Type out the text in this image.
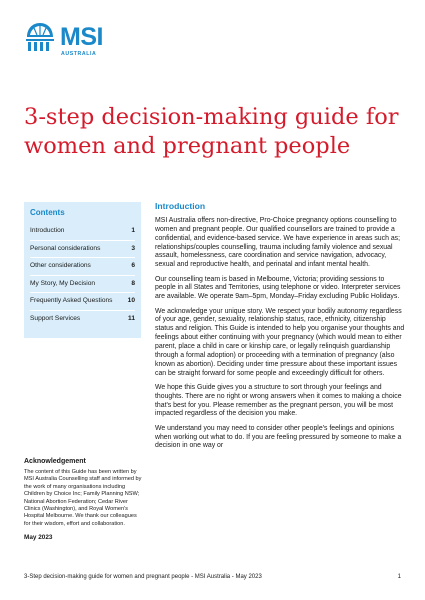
MSI
AUSTRALIA
3-step decision-making guide for women and pregnant people
Contents
Introduction	1
Personal considerations	3
Other considerations	6
My Story, My Decision	8
Frequently Asked Questions	10
Support Services	11
Acknowledgement

The content of this Guide has been written by MSI Australia Counselling staff and informed by the work of many organisations including Children by Choice Inc; Family Planning NSW; National Abortion Federation; Cedar River Clinics (Washington), and Royal Women's Hospital Melbourne. We thank our colleagues for their wisdom, effort and collaboration.

May 2023
Introduction

MSI Australia offers non-directive, Pro-Choice pregnancy options counselling to women and pregnant people. Our qualified counsellors are trained to provide a confidential, and evidence-based service. We have experience in areas such as; relationships/couples counselling, trauma including family violence and sexual assault, homelessness, care coordination and service navigation, advocacy, sexual and reproductive health, and perinatal and infant mental health.

Our counselling team is based in Melbourne, Victoria; providing sessions to people in all States and Territories, using telephone or video. Interpreter services are available. We operate 9am–5pm, Monday–Friday excluding Public Holidays.

We acknowledge your unique story. We respect your bodily autonomy regardless of your age, gender, sexuality, relationship status, race, ethnicity, citizenship status and religion. This Guide is intended to help you organise your thoughts and feelings about either continuing with your pregnancy (which would mean to either parent, place a child in care or kinship care, or legally relinquish guardianship through a formal adoption) or proceeding with a termination of pregnancy (also known as abortion). Deciding under time pressure about these important issues can be straight forward for some people and exceedingly difficult for others.

We hope this Guide gives you a structure to sort through your feelings and thoughts. There are no right or wrong answers when it comes to making a choice that's best for you. Please remember as the pregnant person, you will be most impacted regardless of the decision you make.

We understand you may need to consider other people's feelings and opinions when working out what to do. If you are feeling pressured by someone to make a decision in one way or

3-Step decision-making guide for women and pregnant people - MSI Australia - May 2023	1
